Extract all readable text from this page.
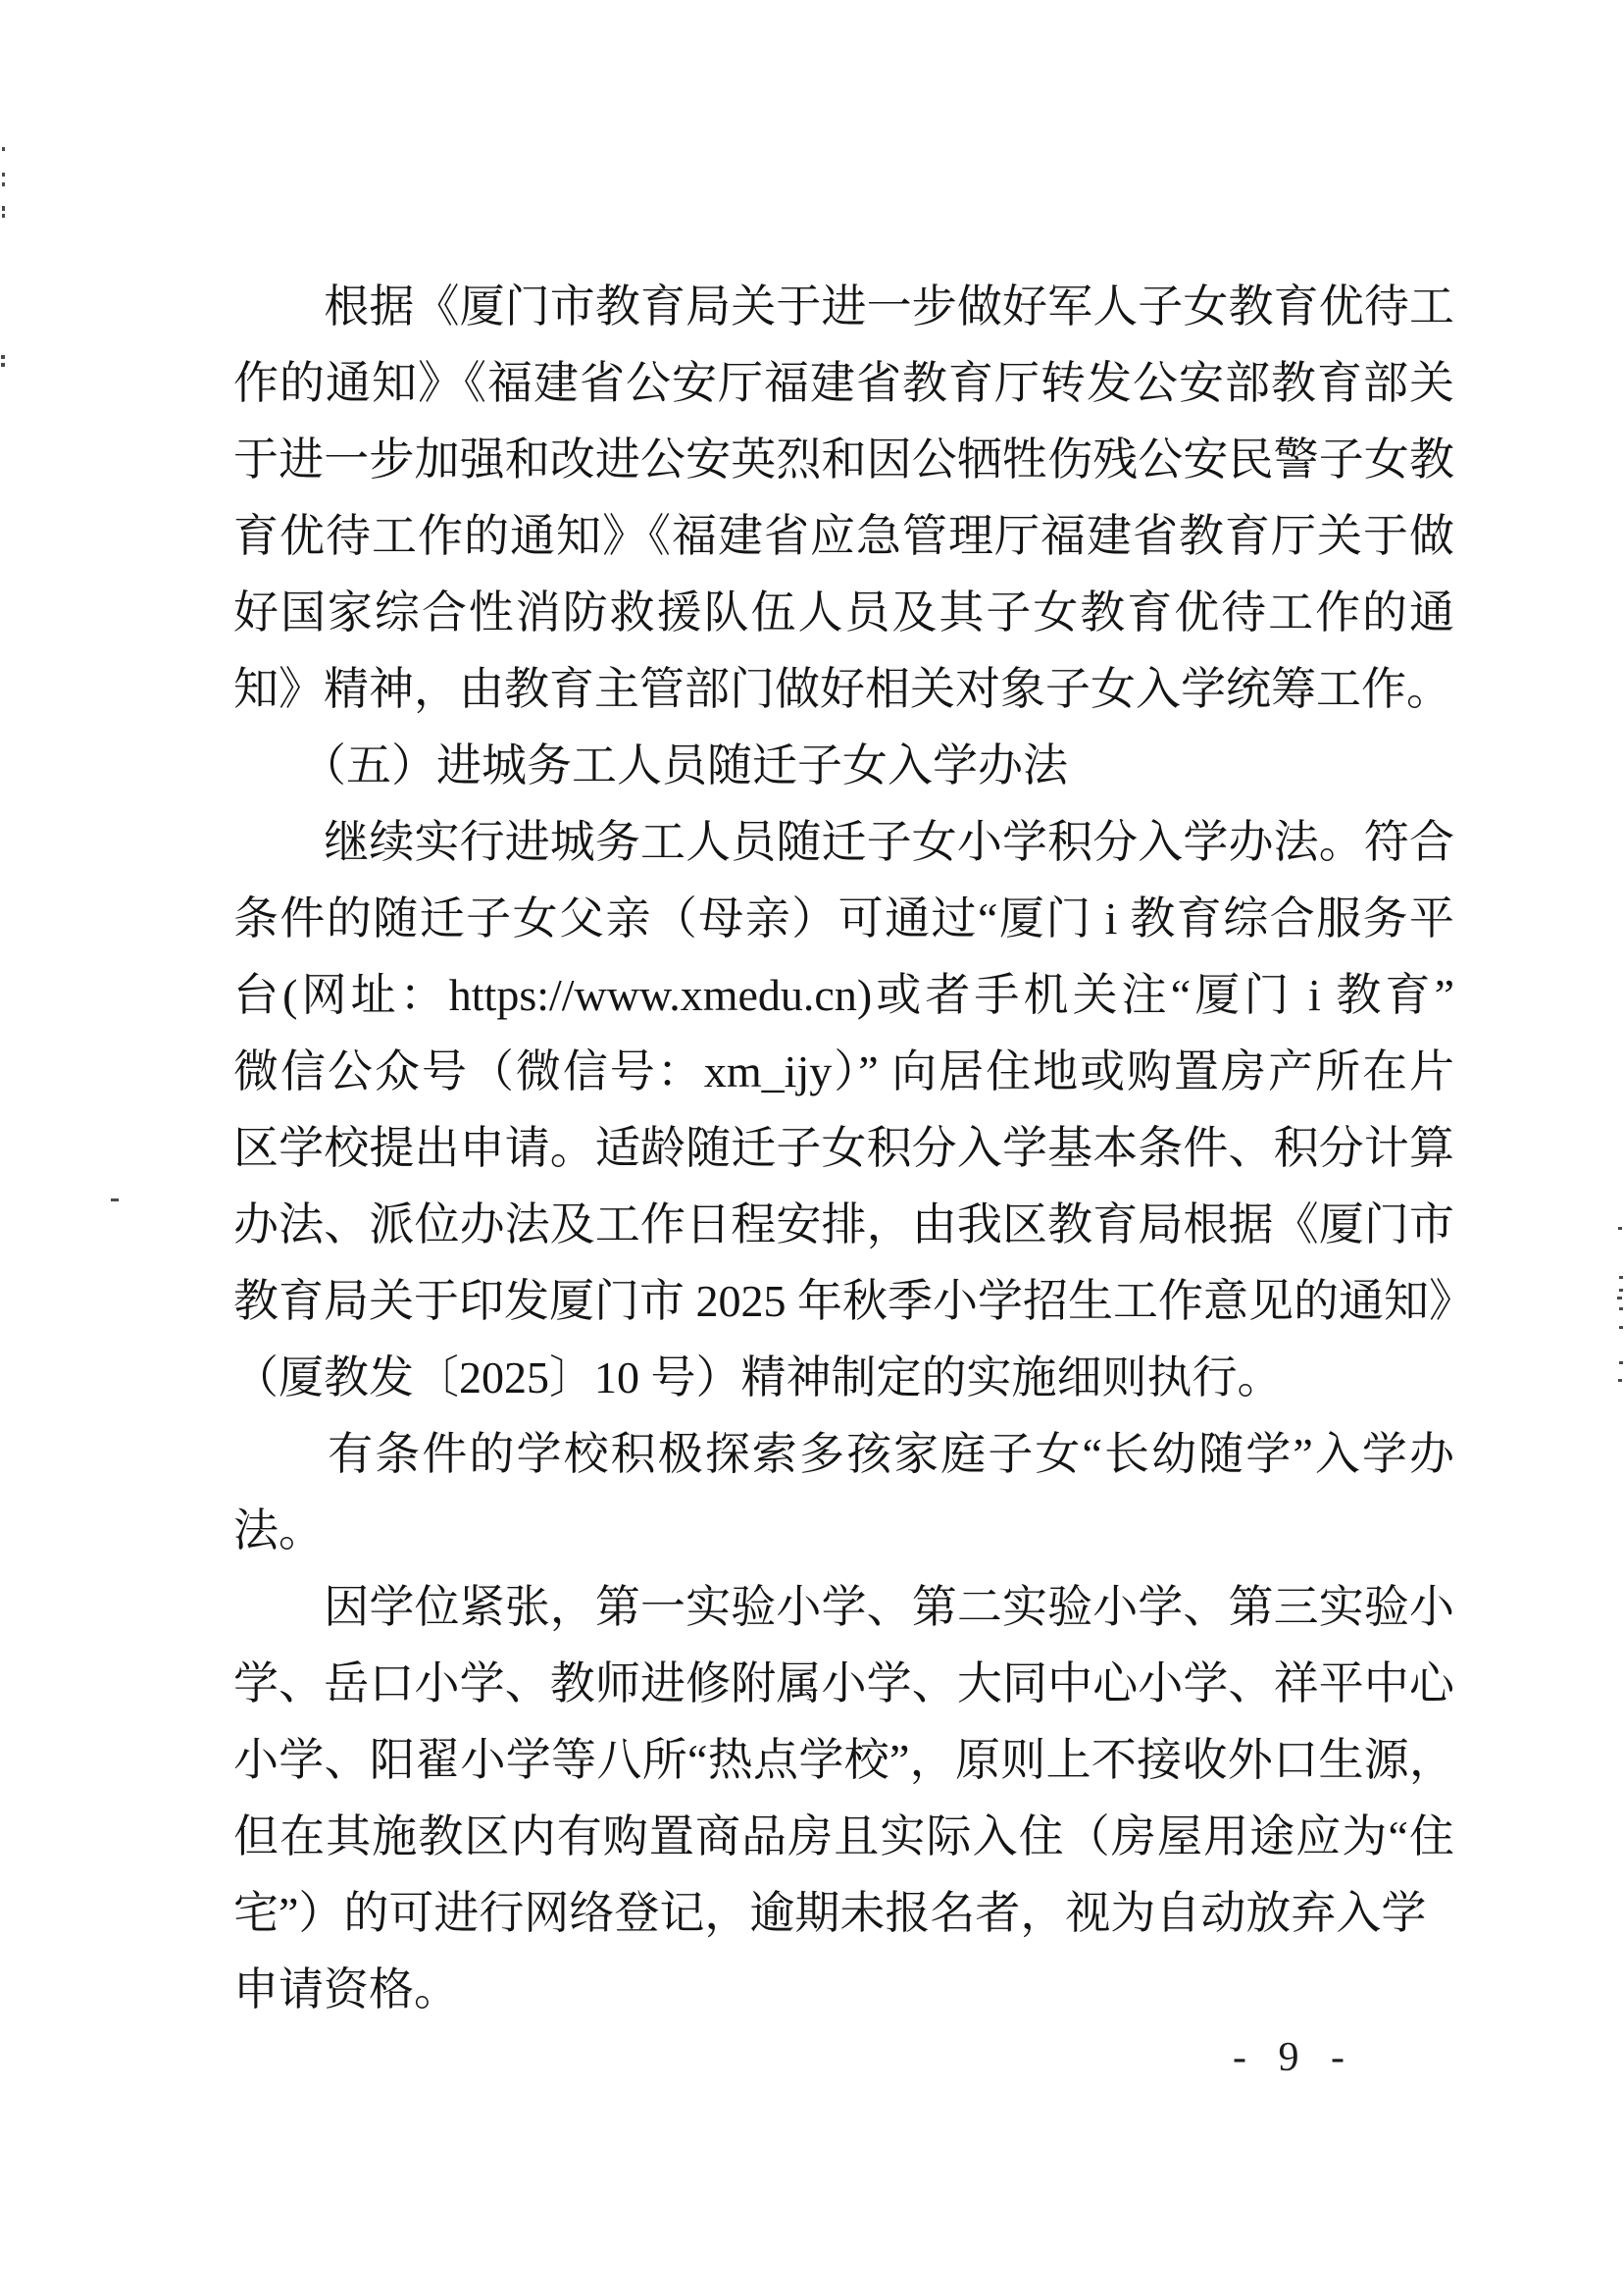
　　根据《厦门市教育局关于进一步做好军人子女教育优待工
作的通知》《福建省公安厅福建省教育厅转发公安部教育部关
于进一步加强和改进公安英烈和因公牺牲伤残公安民警子女教
育优待工作的通知》《福建省应急管理厅福建省教育厅关于做
好国家综合性消防救援队伍人员及其子女教育优待工作的通
知》精神，由教育主管部门做好相关对象子女入学统筹工作。
　　（五）进城务工人员随迁子女入学办法
　　继续实行进城务工人员随迁子女小学积分入学办法。符合
条件的随迁子女父亲（母亲）可通过“厦门 i 教育综合服务平
台(网址：https://www.xmedu.cn)或者手机关注“厦门 i 教育”
微信公众号（微信号：xm_ijy）” 向居住地或购置房产所在片
区学校提出申请。适龄随迁子女积分入学基本条件、积分计算
办法、派位办法及工作日程安排，由我区教育局根据《厦门市
教育局关于印发厦门市 2025 年秋季小学招生工作意见的通知》
（厦教发〔2025〕10 号）精神制定的实施细则执行。
　　有条件的学校积极探索多孩家庭子女“长幼随学”入学办
法。
　　因学位紧张，第一实验小学、第二实验小学、第三实验小
学、岳口小学、教师进修附属小学、大同中心小学、祥平中心
小学、阳翟小学等八所“热点学校”，原则上不接收外口生源，
但在其施教区内有购置商品房且实际入住（房屋用途应为“住
宅”）的可进行网络登记，逾期未报名者，视为自动放弃入学
申请资格。
- 9 -
